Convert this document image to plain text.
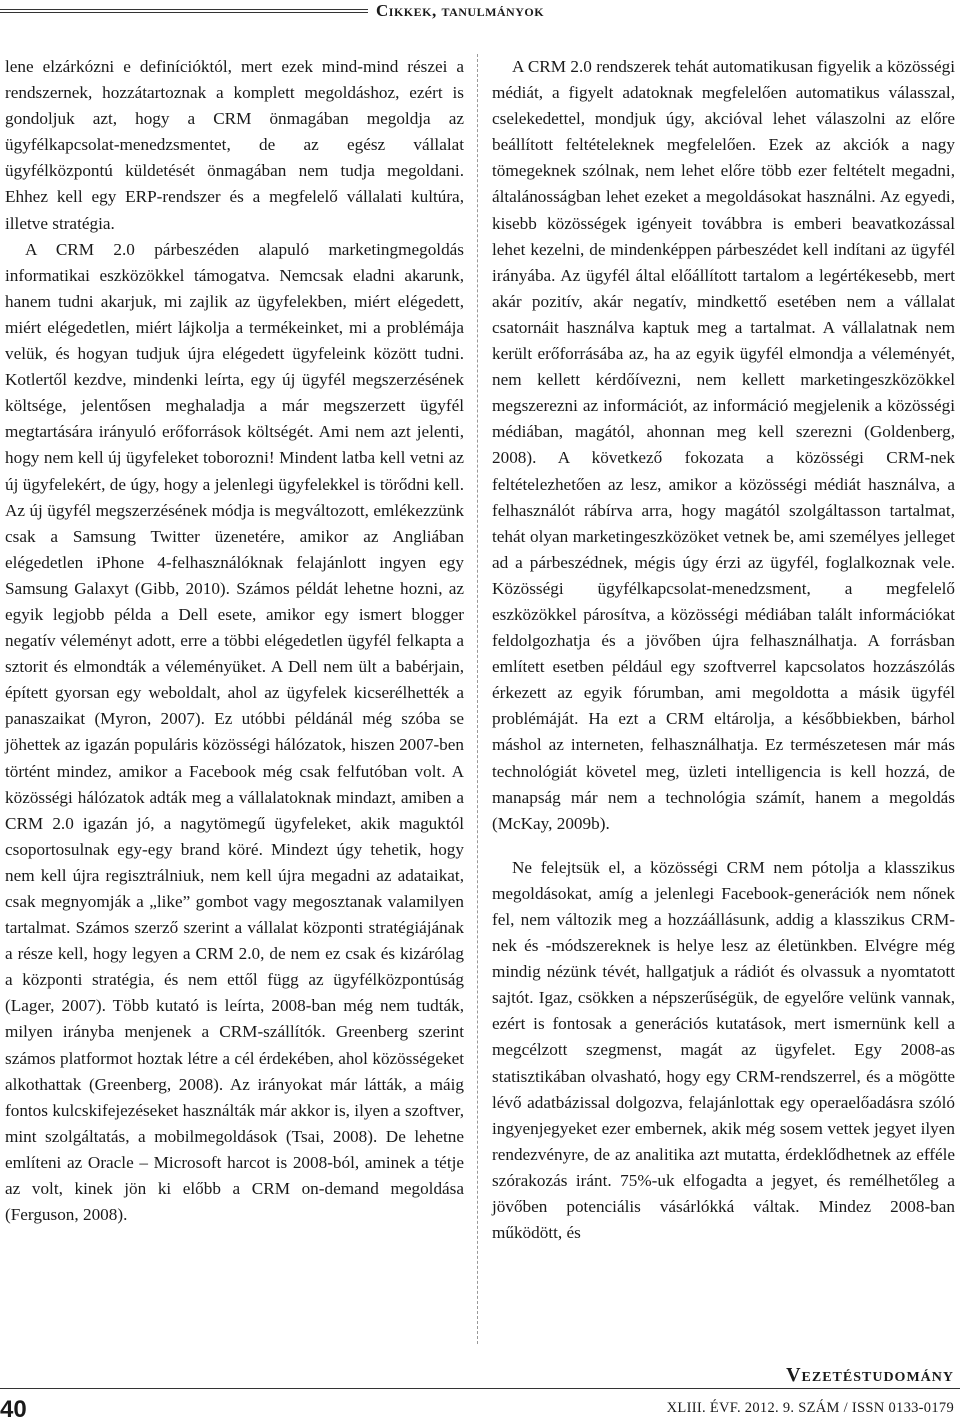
Cikkek, tanulmányok

lene elzárkózni e definícióktól, mert ezek mind-mind részei a rendszernek, hozzátartoznak a komplett megoldáshoz, ezért is gondoljuk azt, hogy a CRM önmagában megoldja az ügyfélkapcsolat-menedzsmentet, de az egész vállalat ügyfélközpontú küldetését önmagában nem tudja megoldani. Ehhez kell egy ERP-rendszer és a megfelelő vállalati kultúra, illetve stratégia.

A CRM 2.0 párbeszéden alapuló marketingmegoldás informatikai eszközökkel támogatva. Nemcsak eladni akarunk, hanem tudni akarjuk, mi zajlik az ügyfelekben, miért elégedett, miért elégedetlen, miért lájkolja a termékeinket, mi a problémája velük, és hogyan tudjuk újra elégedett ügyfeleink között tudni. Kotlertől kezdve, mindenki leírta, egy új ügyfél megszerzésének költsége, jelentősen meghaladja a már megszerzett ügyfél megtartására irányuló erőforrások költségét. Ami nem azt jelenti, hogy nem kell új ügyfeleket toborozni! Mindent latba kell vetni az új ügyfelekért, de úgy, hogy a jelenlegi ügyfelekkel is törődni kell. Az új ügyfél megszerzésének módja is megváltozott, emlékezzünk csak a Samsung Twitter üzenetére, amikor az Angliában elégedetlen iPhone 4-felhasználóknak felajánlott ingyen egy Samsung Galaxyt (Gibb, 2010). Számos példát lehetne hozni, az egyik legjobb példa a Dell esete, amikor egy ismert blogger negatív véleményt adott, erre a többi elégedetlen ügyfél felkapta a sztorit és elmondták a véleményüket. A Dell nem ült a babérjain, épített gyorsan egy weboldalt, ahol az ügyfelek kicserélhették a panaszaikat (Myron, 2007). Ez utóbbi példánál még szóba se jöhettek az igazán populáris közösségi hálózatok, hiszen 2007-ben történt mindez, amikor a Facebook még csak felfutóban volt. A közösségi hálózatok adták meg a vállalatoknak mindazt, amiben a CRM 2.0 igazán jó, a nagytömegű ügyfeleket, akik maguktól csoportosulnak egy-egy brand köré. Mindezt úgy tehetik, hogy nem kell újra regisztrálniuk, nem kell újra megadni az adataikat, csak megnyomják a „like” gombot vagy megosztanak valamilyen tartalmat. Számos szerző szerint a vállalat központi stratégiájának a része kell, hogy legyen a CRM 2.0, de nem ez csak és kizárólag a központi stratégia, és nem ettől függ az ügyfélközpontúság (Lager, 2007). Több kutató is leírta, 2008-ban még nem tudták, milyen irányba menjenek a CRM-szállítók. Greenberg szerint számos platformot hoztak létre a cél érdekében, ahol közösségeket alkothattak (Greenberg, 2008). Az irányokat már látták, a máig fontos kulcskifejezéseket használták már akkor is, ilyen a szoftver, mint szolgáltatás, a mobilmegoldások (Tsai, 2008). De lehetne említeni az Oracle – Microsoft harcot is 2008-ból, aminek a tétje az volt, kinek jön ki előbb a CRM on-demand megoldása (Ferguson, 2008).

A CRM 2.0 rendszerek tehát automatikusan figyelik a közösségi médiát, a figyelt adatoknak megfelelően automatikus válasszal, cselekedettel, mondjuk úgy, akcióval lehet válaszolni az előre beállított feltételeknek megfelelően. Ezek az akciók a nagy tömegeknek szólnak, nem lehet előre több ezer feltételt megadni, általánosságban lehet ezeket a megoldásokat használni. Az egyedi, kisebb közösségek igényeit továbbra is emberi beavatkozással lehet kezelni, de mindenképpen párbeszédet kell indítani az ügyfél irányába. Az ügyfél által előállított tartalom a legértékesebb, mert akár pozitív, akár negatív, mindkettő esetében nem a vállalat csatornáit használva kaptuk meg a tartalmat. A vállalatnak nem került erőforrásába az, ha az egyik ügyfél elmondja a véleményét, nem kellett kérdőívezni, nem kellett marketingeszközökkel megszerezni az információt, az információ megjelenik a közösségi médiában, magától, ahonnan meg kell szerezni (Goldenberg, 2008). A következő fokozata a közösségi CRM-nek feltételezhetően az lesz, amikor a közösségi médiát használva, a felhasználót rábírva arra, hogy magától szolgáltasson tartalmat, tehát olyan marketingeszközöket vetnek be, ami személyes jelleget ad a párbeszédnek, mégis úgy érzi az ügyfél, foglalkoznak vele. Közösségi ügyfélkapcsolat-menedzsment, a megfelelő eszközökkel párosítva, a közösségi médiában talált információkat feldolgozhatja és a jövőben újra felhasználhatja. A forrásban említett esetben például egy szoftverrel kapcsolatos hozzászólás érkezett az egyik fórumban, ami megoldotta a másik ügyfél problémáját. Ha ezt a CRM eltárolja, a későbbiekben, bárhol máshol az interneten, felhasználhatja. Ez természetesen már más technológiát követel meg, üzleti intelligencia is kell hozzá, de manapság már nem a technológia számít, hanem a megoldás (McKay, 2009b).

Ne felejtsük el, a közösségi CRM nem pótolja a klasszikus megoldásokat, amíg a jelenlegi Facebook-generációk nem nőnek fel, nem változik meg a hozzáállásunk, addig a klasszikus CRM-nek és -módszereknek is helye lesz az életünkben. Elvégre még mindig nézünk tévét, hallgatjuk a rádiót és olvassuk a nyomtatott sajtót. Igaz, csökken a népszerűségük, de egyelőre velünk vannak, ezért is fontosak a generációs kutatások, mert ismernünk kell a megcélzott szegmenst, magát az ügyfelet. Egy 2008-as statisztikában olvasható, hogy egy CRM-rendszerrel, és a mögötte lévő adatbázissal dolgozva, felajánlottak egy operaelőadásra szóló ingyenjegyeket ezer embernek, akik még sosem vettek jegyet ilyen rendezvényre, de az analitika azt mutatta, érdeklődhetnek az efféle szórakozás iránt. 75%-uk elfogadta a jegyet, és remélhetőleg a jövőben potenciális vásárlókká váltak. Mindez 2008-ban működött, és

Vezetéstudomány
40	XLIII. ÉVF. 2012. 9. SZÁM / ISSN 0133-0179
